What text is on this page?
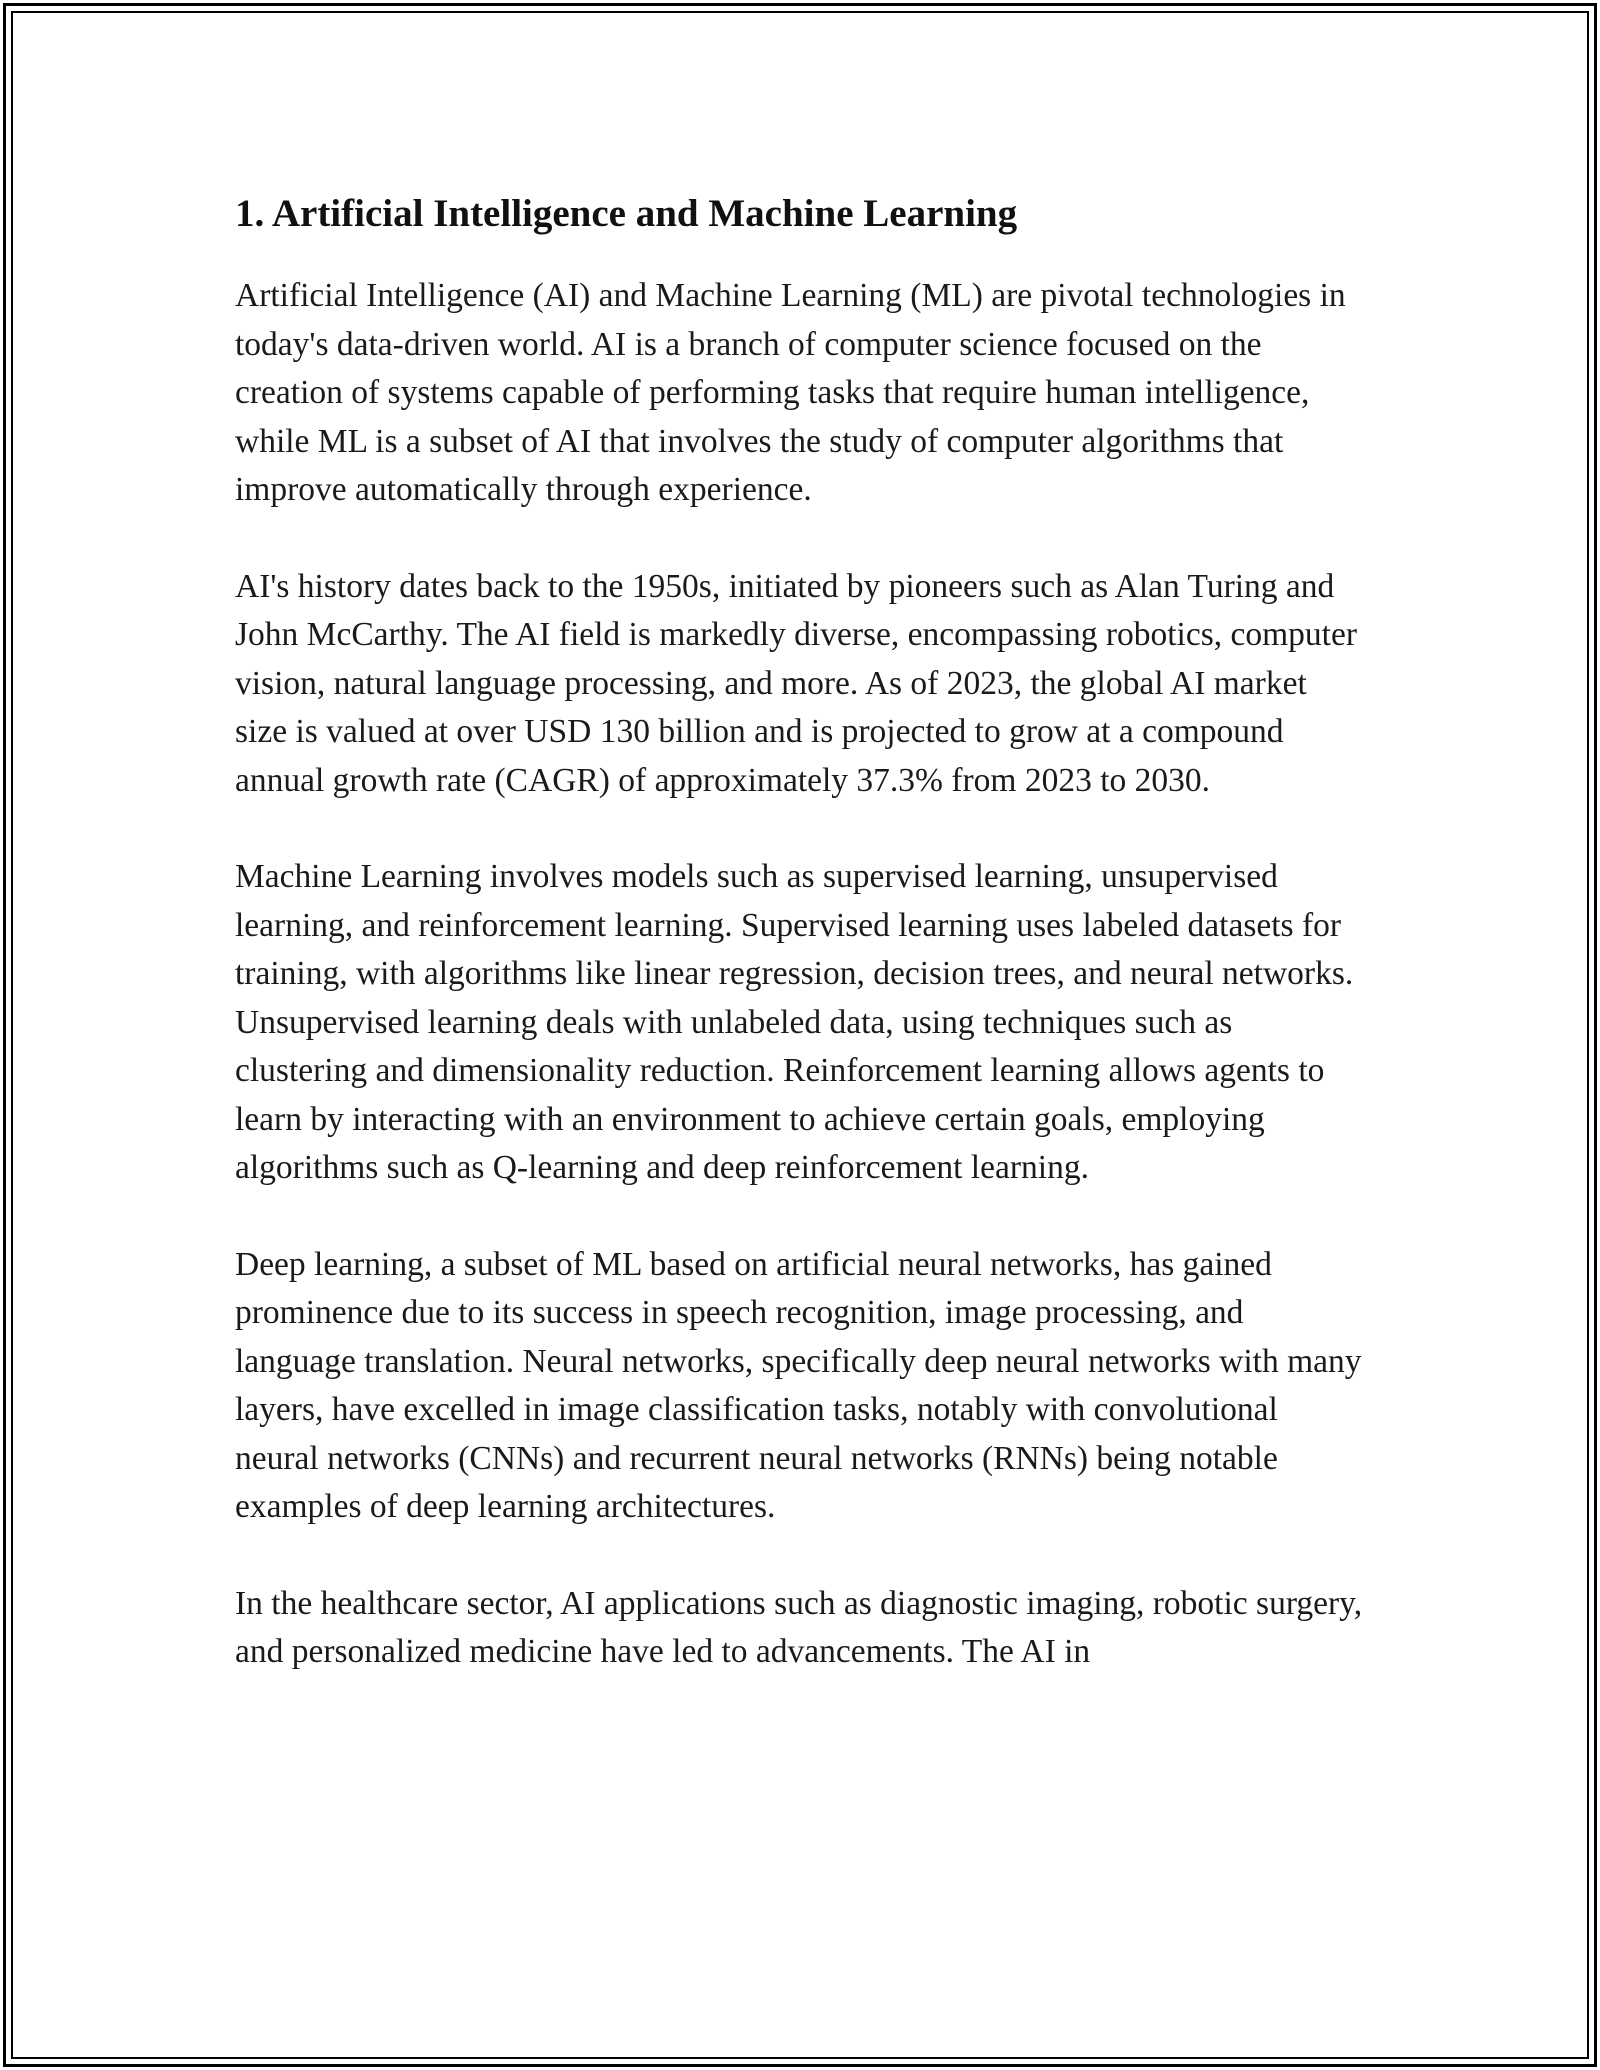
1. Artificial Intelligence and Machine Learning

Artificial Intelligence (AI) and Machine Learning (ML) are pivotal technologies in today's data-driven world. AI is a branch of computer science focused on the creation of systems capable of performing tasks that require human intelligence, while ML is a subset of AI that involves the study of computer algorithms that improve automatically through experience.

AI's history dates back to the 1950s, initiated by pioneers such as Alan Turing and John McCarthy. The AI field is markedly diverse, encompassing robotics, computer vision, natural language processing, and more. As of 2023, the global AI market size is valued at over USD 130 billion and is projected to grow at a compound annual growth rate (CAGR) of approximately 37.3% from 2023 to 2030.

Machine Learning involves models such as supervised learning, unsupervised learning, and reinforcement learning. Supervised learning uses labeled datasets for training, with algorithms like linear regression, decision trees, and neural networks. Unsupervised learning deals with unlabeled data, using techniques such as clustering and dimensionality reduction. Reinforcement learning allows agents to learn by interacting with an environment to achieve certain goals, employing algorithms such as Q-learning and deep reinforcement learning.

Deep learning, a subset of ML based on artificial neural networks, has gained prominence due to its success in speech recognition, image processing, and language translation. Neural networks, specifically deep neural networks with many layers, have excelled in image classification tasks, notably with convolutional neural networks (CNNs) and recurrent neural networks (RNNs) being notable examples of deep learning architectures.

In the healthcare sector, AI applications such as diagnostic imaging, robotic surgery, and personalized medicine have led to advancements. The AI in
